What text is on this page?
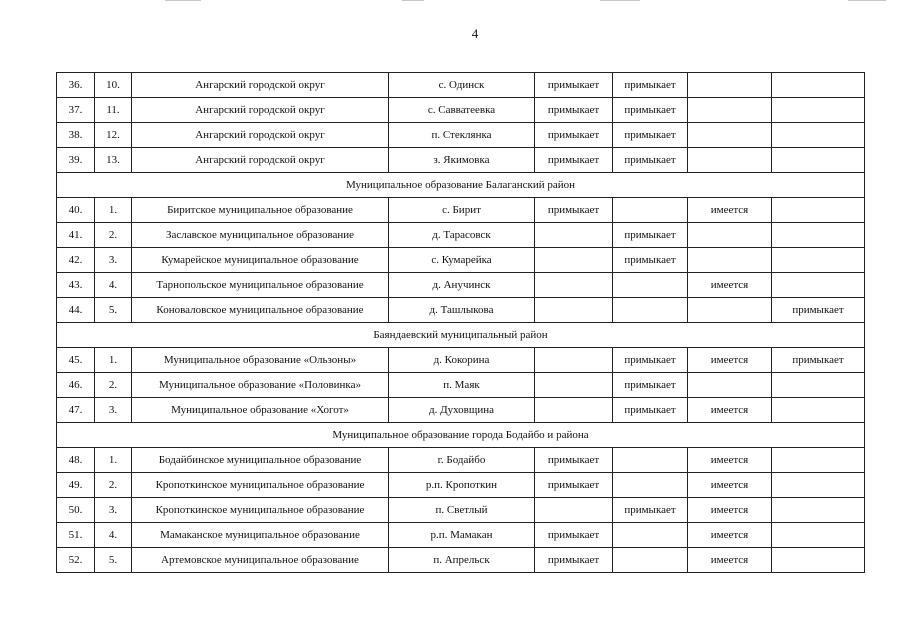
4
36.	10.	Ангарский городской округ	с. Одинск	примыкает	примыкает		
37.	11.	Ангарский городской округ	с. Савватеевка	примыкает	примыкает		
38.	12.	Ангарский городской округ	п. Стеклянка	примыкает	примыкает		
39.	13.	Ангарский городской округ	з. Якимовка	примыкает	примыкает		
Муниципальное образование Балаганский район							
40.	1.	Биритское муниципальное образование	с. Бирит	примыкает		имеется	
41.	2.	Заславское муниципальное образование	д. Тарасовск		примыкает		
42.	3.	Кумарейское муниципальное образование	с. Кумарейка		примыкает		
43.	4.	Тарнопольское муниципальное образование	д. Анучинск			имеется	
44.	5.	Коноваловское муниципальное образование	д. Ташлыкова				примыкает
Баяндаевский муниципальный район							
45.	1.	Муниципальное образование «Ользоны»	д. Кокорина		примыкает	имеется	примыкает
46.	2.	Муниципальное образование «Половинка»	п. Маяк		примыкает		
47.	3.	Муниципальное образование «Хогот»	д. Духовщина		примыкает	имеется	
Муниципальное образование города Бодайбо и района							
48.	1.	Бодайбинское муниципальное образование	г. Бодайбо	примыкает		имеется	
49.	2.	Кропоткинское муниципальное образование	р.п. Кропоткин	примыкает		имеется	
50.	3.	Кропоткинское муниципальное образование	п. Светлый		примыкает	имеется	
51.	4.	Мамаканское муниципальное образование	р.п. Мамакан	примыкает		имеется	
52.	5.	Артемовское муниципальное образование	п. Апрельск	примыкает		имеется	
